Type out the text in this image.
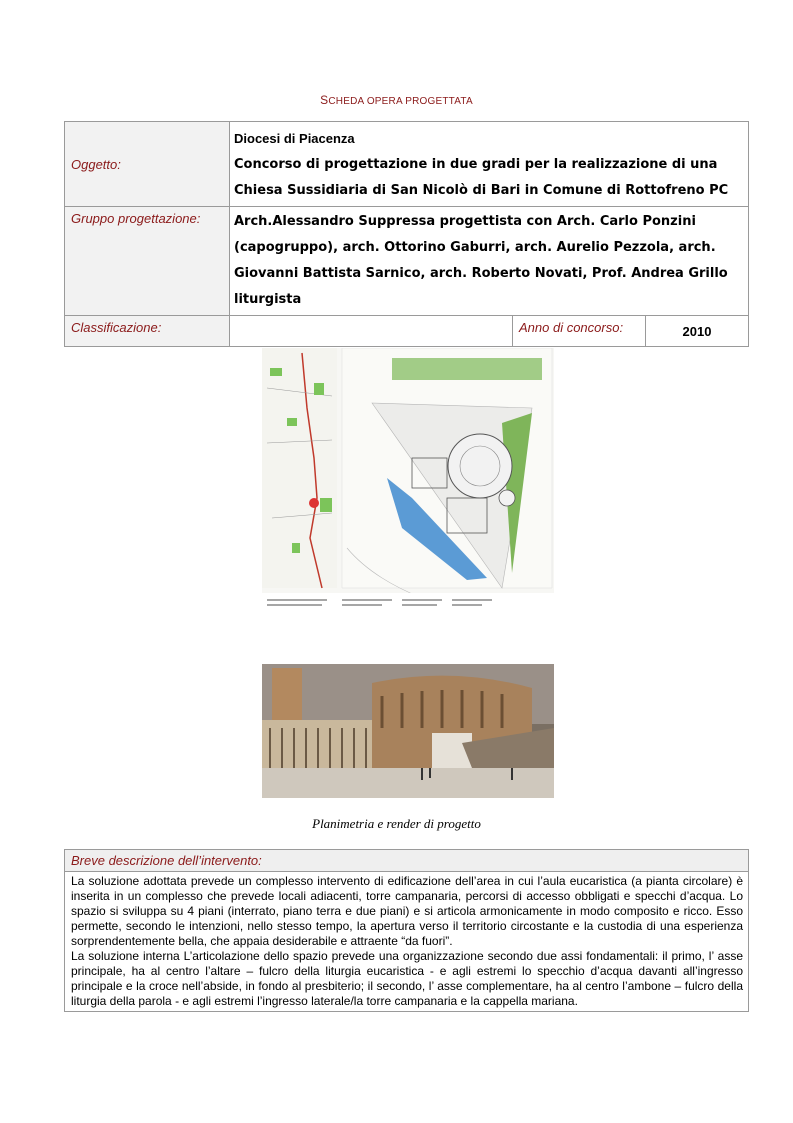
SCHEDA OPERA PROGETTATA
Oggetto:	Diocesi di Piacenza
Concorso di progettazione in due gradi per la realizzazione di una Chiesa Sussidiaria di San Nicolò di Bari in Comune di Rottofreno PC		

Gruppo progettazione:	Arch.Alessandro Suppressa progettista con Arch. Carlo Ponzini (capogruppo), arch. Ottorino Gaburri, arch. Aurelio Pezzola, arch. Giovanni Battista Sarnico, arch. Roberto Novati, Prof. Andrea Grillo liturgista		
Classificazione:		Anno di concorso:	2010
Planimetria e render di progetto
Breve descrizione dell’intervento:

La soluzione adottata prevede un complesso intervento di edificazione dell’area in cui l’aula eucaristica (a pianta circolare) è inserita in un complesso che prevede locali adiacenti, torre campanaria, percorsi di accesso obbligati e specchi d’acqua. Lo spazio si sviluppa su 4 piani (interrato, piano terra e due piani) e si articola armonicamente in modo composito e ricco. Esso permette, secondo le intenzioni, nello stesso tempo, la apertura verso il territorio circostante e la custodia di una esperienza sorprendentemente bella, che appaia desiderabile e attraente “da fuori”.

La soluzione interna L’articolazione dello spazio prevede una organizzazione secondo due assi fondamentali: il primo, l’ asse principale, ha al centro l’altare – fulcro della liturgia eucaristica - e agli estremi lo specchio d’acqua davanti all’ingresso principale e la croce nell’abside, in fondo al presbiterio; il secondo, l’ asse complementare, ha al centro l’ambone – fulcro della liturgia della parola - e agli estremi l’ingresso laterale/la torre campanaria e la cappella mariana.
